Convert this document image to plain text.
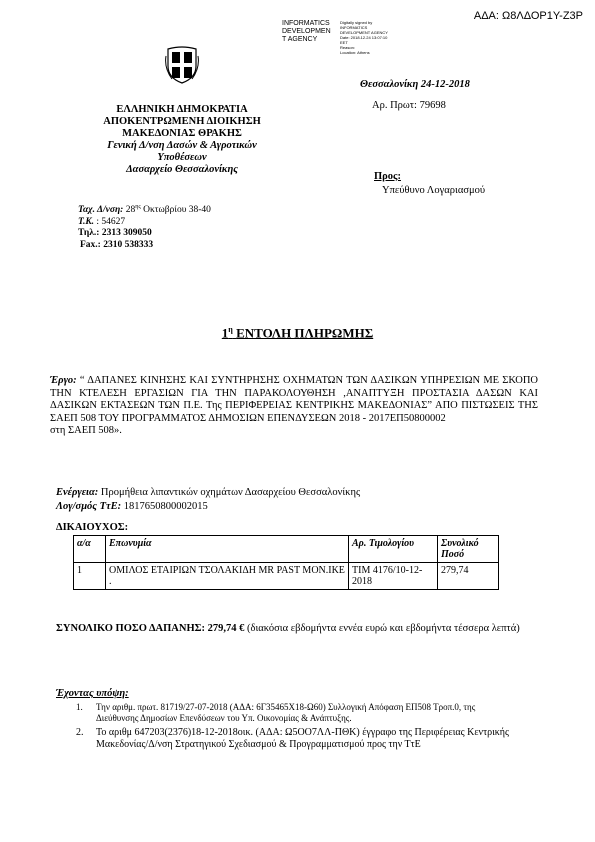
ΑΔΑ: Ω8ΛΔΟΡ1Υ-Ζ3Ρ
INFORMATICS
DEVELOPMEN
T AGENCY
Digitally signed by
INFORMATICS
DEVELOPMENT AGENCY
Date: 2018.12.24 13:07:10
EET
Reason:
Location: Athens
ΕΛΛΗΝΙΚΗ ΔΗΜΟΚΡΑΤΙΑ
ΑΠΟΚΕΝΤΡΩΜΕΝΗ ΔΙΟΙΚΗΣΗ
ΜΑΚΕΔΟΝΙΑΣ ΘΡΑΚΗΣ
Γενική Δ/νση Δασών & Αγροτικών
Υποθέσεων
Δασαρχείο Θεσσαλονίκης
Θεσσαλονίκη 24-12-2018
Αρ. Πρωτ: 79698
Προς:
Υπεύθυνο Λογαριασμού
Ταχ. Δ/νση: $28^{\eta\varsigma}$ Οκτωβρίου 38-40
Τ.Κ. : 54627
Τηλ.: 2313 309050
Fax.: 2310 538333
$1^\eta$ ΕΝΤΟΛΗ ΠΛΗΡΩΜΗΣ
Έργο: “ ΔΑΠΑΝΕΣ ΚΙΝΗΣΗΣ ΚΑΙ ΣΥΝΤΗΡΗΣΗΣ ΟΧΗΜΑΤΩΝ ΤΩΝ ΔΑΣΙΚΩΝ ΥΠΗΡΕΣΙΩΝ ΜΕ ΣΚΟΠΟ ΤΗΝ ΚΤΕΛΕΣΗ ΕΡΓΑΣΙΩΝ ΓΙΑ ΤΗΝ ΠΑΡΑΚΟΛΟΥΘΗΣΗ ,ΑΝΑΠΤΥΞΗ ΠΡΟΣΤΑΣΙΑ ΔΑΣΩΝ ΚΑΙ ΔΑΣΙΚΩΝ ΕΚΤΑΣΕΩΝ ΤΩΝ Π.Ε. Της ΠΕΡΙΦΕΡΕΙΑΣ ΚΕΝΤΡΙΚΗΣ ΜΑΚΕΔΟΝΙΑΣ” ΑΠΟ ΠΙΣΤΩΣΕΙΣ ΤΗΣ ΣΑΕΠ 508 ΤΟΥ ΠΡΟΓΡΑΜΜΑΤΟΣ ΔΗΜΟΣΙΩΝ ΕΠΕΝΔΥΣΕΩΝ 2018 - 2017ΕΠ50800002
στη ΣΑΕΠ 508».
Ενέργεια: Προμήθεια λιπαντικών οχημάτων Δασαρχείου Θεσσαλονίκης
Λογ/σμός ΤτΕ: 1817650800002015
ΔΙΚΑΙΟΥΧΟΣ:
α/α	Επωνυμία	Αρ. Τιμολογίου	Συνολικό Ποσό
1	ΟΜΙΛΟΣ ΕΤΑΙΡΙΩΝ ΤΣΟΛΑΚΙΔΗ MR PAST MON.IKE .	ΤΙΜ 4176/10-12-2018	279,74
ΣΥΝΟΛΙΚΟ ΠΟΣΟ ΔΑΠΑΝΗΣ: 279,74 € (διακόσια εβδομήντα εννέα ευρώ και εβδομήντα τέσσερα λεπτά)
Έχοντας υπόψη:
1. Την αριθμ. πρωτ. 81719/27-07-2018 (ΑΔΑ: 6Γ35465Χ18-Ω60) Συλλογική Απόφαση ΕΠ508 Τροπ.0, της Διεύθυνσης Δημοσίων Επενδύσεων του Υπ. Οικονομίας & Ανάπτυξης.
2. Το αριθμ 647203(2376)18-12-2018οικ. (ΑΔΑ: Ω5ΟΟ7ΛΛ-ΠΘΚ) έγγραφο της Περιφέρειας Κεντρικής Μακεδονίας/Δ/νση Στρατηγικού Σχεδιασμού & Προγραμματισμού προς την ΤτΕ
